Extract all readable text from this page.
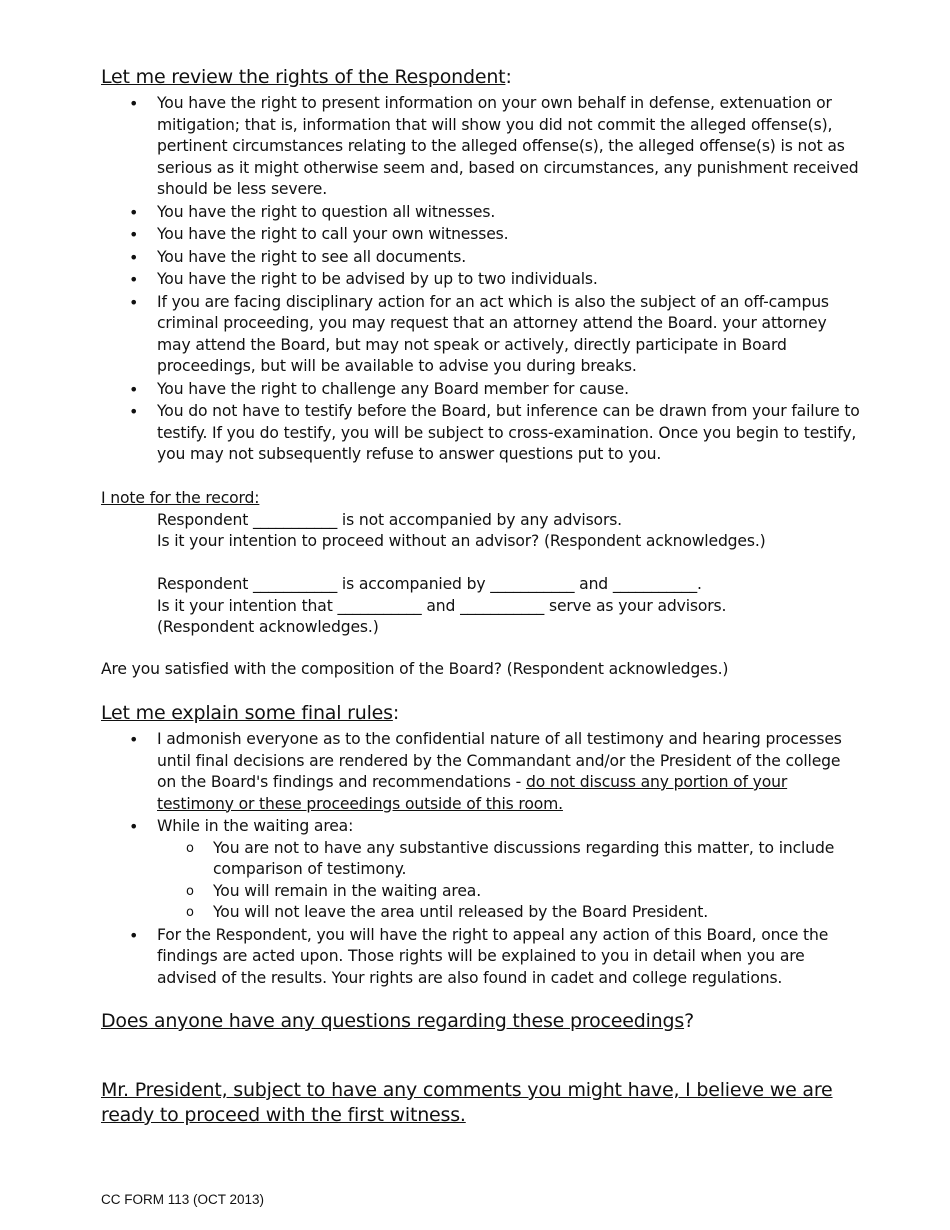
Let me review the rights of the Respondent:
• You have the right to present information on your own behalf in defense, extenuation or mitigation; that is, information that will show you did not commit the alleged offense(s), pertinent circumstances relating to the alleged offense(s), the alleged offense(s) is not as serious as it might otherwise seem and, based on circumstances, any punishment received should be less severe.
• You have the right to question all witnesses.
• You have the right to call your own witnesses.
• You have the right to see all documents.
• You have the right to be advised by up to two individuals.
• If you are facing disciplinary action for an act which is also the subject of an off-campus criminal proceeding, you may request that an attorney attend the Board. your attorney may attend the Board, but may not speak or actively, directly participate in Board proceedings, but will be available to advise you during breaks.
• You have the right to challenge any Board member for cause.
• You do not have to testify before the Board, but inference can be drawn from your failure to testify. If you do testify, you will be subject to cross-examination. Once you begin to testify, you may not subsequently refuse to answer questions put to you.
I note for the record:
Respondent ___________ is not accompanied by any advisors.
Is it your intention to proceed without an advisor? (Respondent acknowledges.)
Respondent ___________ is accompanied by ___________ and ___________.
Is it your intention that ___________ and ___________ serve as your advisors.
(Respondent acknowledges.)
Are you satisfied with the composition of the Board? (Respondent acknowledges.)
Let me explain some final rules:
• I admonish everyone as to the confidential nature of all testimony and hearing processes until final decisions are rendered by the Commandant and/or the President of the college on the Board's findings and recommendations - do not discuss any portion of your testimony or these proceedings outside of this room.
• While in the waiting area:
o You are not to have any substantive discussions regarding this matter, to include comparison of testimony.
o You will remain in the waiting area.
o You will not leave the area until released by the Board President.
• For the Respondent, you will have the right to appeal any action of this Board, once the findings are acted upon. Those rights will be explained to you in detail when you are advised of the results. Your rights are also found in cadet and college regulations.
Does anyone have any questions regarding these proceedings?
Mr. President, subject to have any comments you might have, I believe we are ready to proceed with the first witness.
CC FORM 113 (OCT 2013)
